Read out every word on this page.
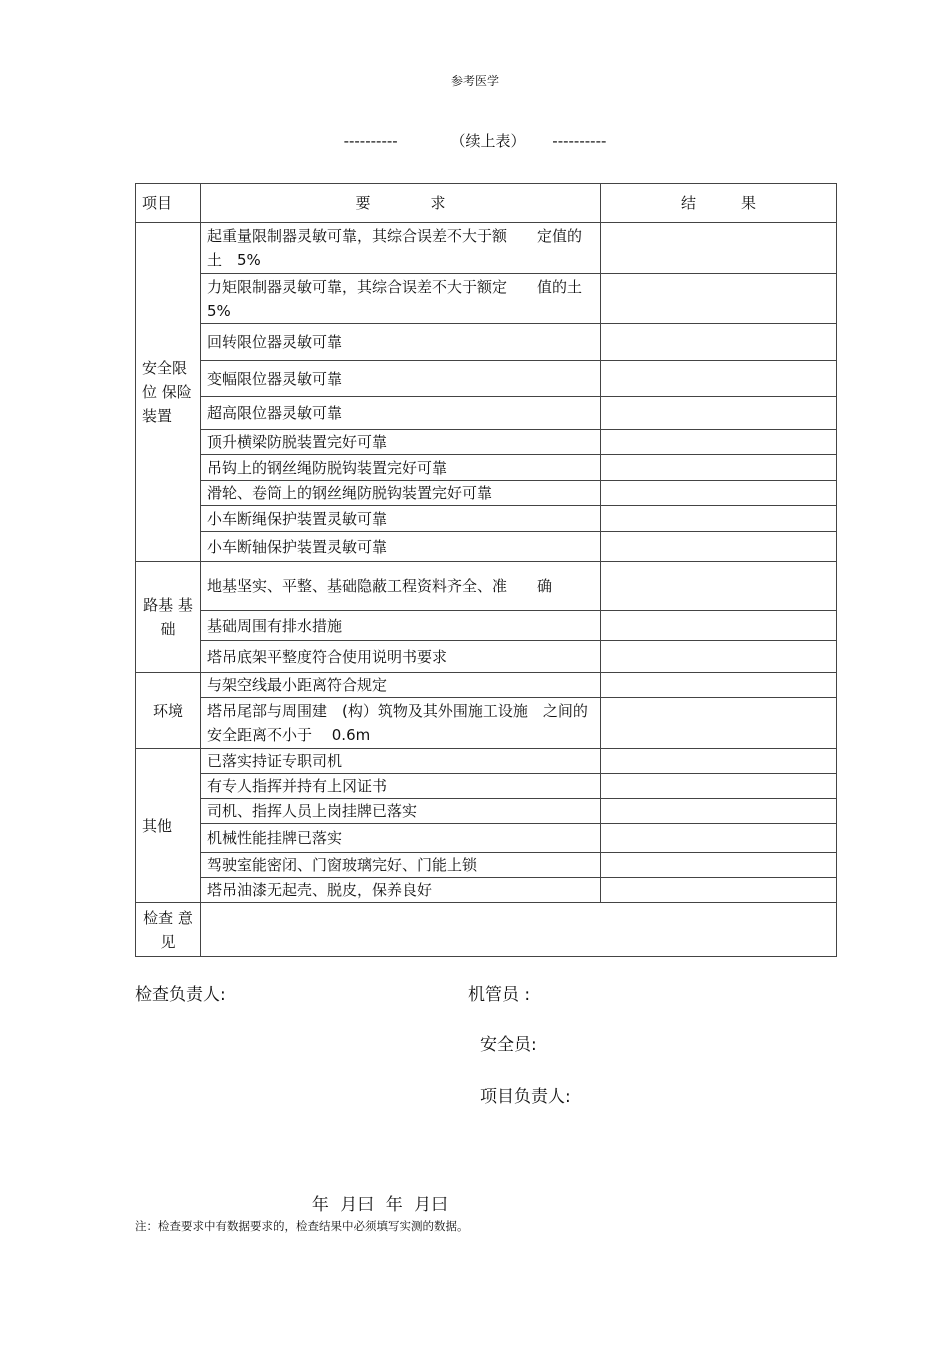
参考医学
----------	（续上表） ----------
项目	要　　　　求	结　　　果
安全限位 保险 装置	起重量限制器灵敏可靠，其综合误差不大于额　　定值的土　5%	
	力矩限制器灵敏可靠，其综合误差不大于额定　　值的土　5%	
	回转限位器灵敏可靠	
	变幅限位器灵敏可靠	
	超高限位器灵敏可靠	
	顶升横梁防脱装置完好可靠	
	吊钩上的钢丝绳防脱钩装置完好可靠	
	滑轮、卷筒上的钢丝绳防脱钩装置完好可靠	
	小车断绳保护装置灵敏可靠	
	小车断轴保护装置灵敏可靠	
路基 基础	地基坚实、平整、基础隐蔽工程资料齐全、准　　确	
	基础周围有排水措施	
	塔吊底架平整度符合使用说明书要求	
环境	与架空线最小距离符合规定	
	塔吊尾部与周围建　(构）筑物及其外围施工设施　之间的安全距离不小于　 0.6m	
其他	已落实持证专职司机	
	有专人指挥并持有上冈证书	
	司机、指挥人员上岗挂牌已落实	
	机械性能挂牌已落实	
	驾驶室能密闭、门窗玻璃完好、门能上锁	
	塔吊油漆无起壳、脱皮，保养良好	
检查 意见		
检查负责人:	机管员 :
安全员:
项目负责人:
年 月曰 年 月曰
注：检查要求中有数据要求的，检查结果中必须填写实测的数据。
